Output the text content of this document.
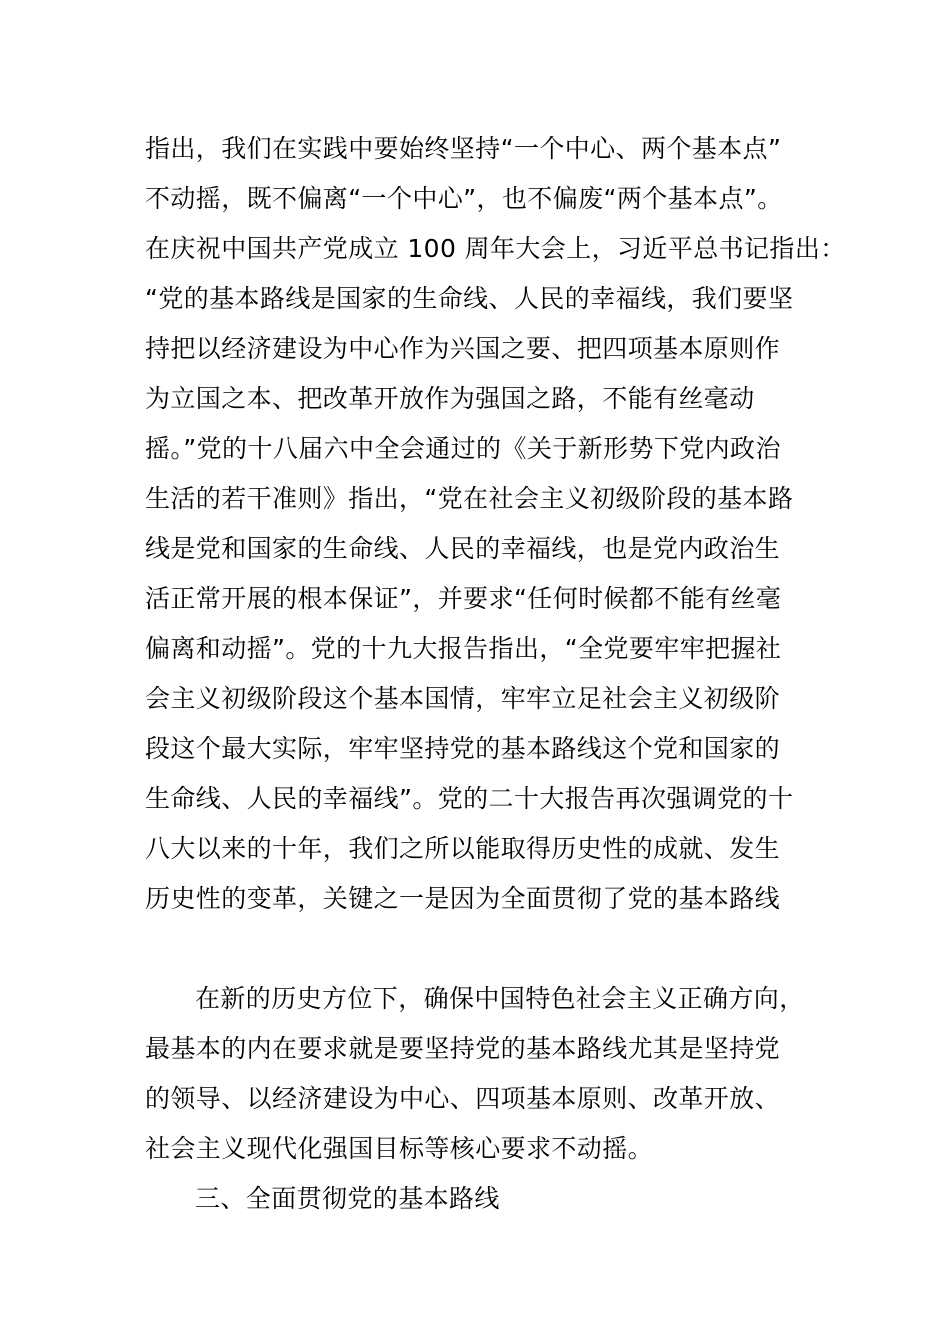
指出，我们在实践中要始终坚持“一个中心、两个基本点”
不动摇，既不偏离“一个中心”，也不偏废“两个基本点”。
在庆祝中国共产党成立 100 周年大会上，习近平总书记指出：
“党的基本路线是国家的生命线、人民的幸福线，我们要坚
持把以经济建设为中心作为兴国之要、把四项基本原则作
为立国之本、把改革开放作为强国之路，不能有丝毫动
摇。”党的十八届六中全会通过的《关于新形势下党内政治
生活的若干准则》指出，“党在社会主义初级阶段的基本路
线是党和国家的生命线、人民的幸福线，也是党内政治生
活正常开展的根本保证”，并要求“任何时候都不能有丝毫
偏离和动摇”。党的十九大报告指出，“全党要牢牢把握社
会主义初级阶段这个基本国情，牢牢立足社会主义初级阶
段这个最大实际，牢牢坚持党的基本路线这个党和国家的
生命线、人民的幸福线”。党的二十大报告再次强调党的十
八大以来的十年，我们之所以能取得历史性的成就、发生
历史性的变革，关键之一是因为全面贯彻了党的基本路线
在新的历史方位下，确保中国特色社会主义正确方向，
最基本的内在要求就是要坚持党的基本路线尤其是坚持党
的领导、以经济建设为中心、四项基本原则、改革开放、
社会主义现代化强国目标等核心要求不动摇。
三、全面贯彻党的基本路线
